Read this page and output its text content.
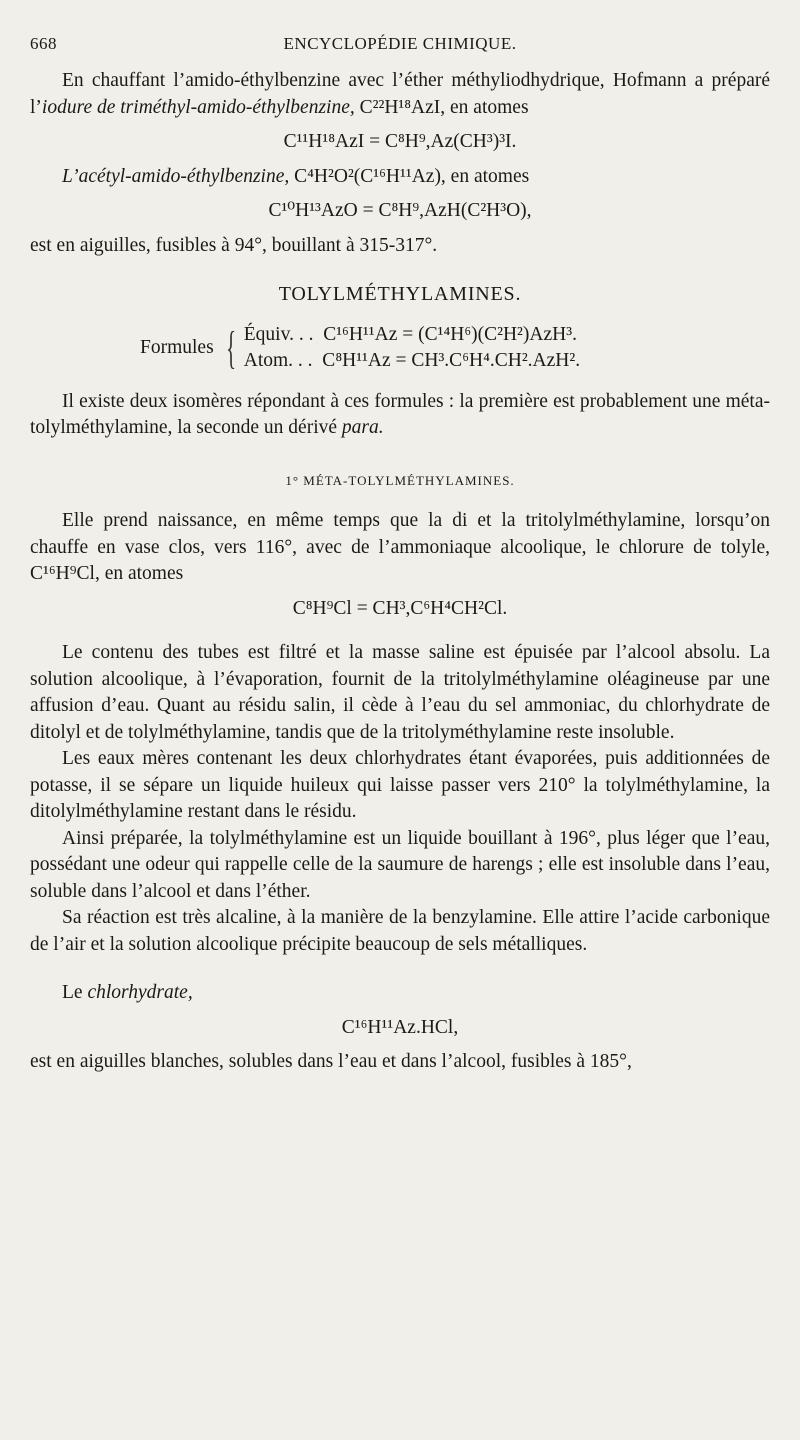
668	ENCYCLOPÉDIE CHIMIQUE.

En chauffant l’amido-éthylbenzine avec l’éther méthyliodhydrique, Hofmann a préparé l’iodure de triméthyl-amido-éthylbenzine, C²²H¹⁸AzI, en atomes

C¹¹H¹⁸AzI = C⁸H⁹,Az(CH³)³I.

L’acétyl-amido-éthylbenzine, C⁴H²O²(C¹⁶H¹¹Az), en atomes

C¹⁰H¹³AzO = C⁸H⁹,AzH(C²H³O),

est en aiguilles, fusibles à 94°, bouillant à 315-317°.

TOLYLMÉTHYLAMINES.
Formules { Équiv. . .  C¹⁶H¹¹Az = (C¹⁴H⁶)(C²H²)AzH³.
Atom. . .  C⁸H¹¹Az = CH³.C⁶H⁴.CH².AzH².

Il existe deux isomères répondant à ces formules : la première est probablement une méta-tolylméthylamine, la seconde un dérivé para.

1° MÉTA-TOLYLMÉTHYLAMINES.

Elle prend naissance, en même temps que la di et la tritolylméthylamine, lorsqu’on chauffe en vase clos, vers 116°, avec de l’ammoniaque alcoolique, le chlorure de tolyle, C¹⁶H⁹Cl, en atomes

C⁸H⁹Cl = CH³,C⁶H⁴CH²Cl.

Le contenu des tubes est filtré et la masse saline est épuisée par l’alcool absolu. La solution alcoolique, à l’évaporation, fournit de la tritolylméthylamine oléagineuse par une affusion d’eau. Quant au résidu salin, il cède à l’eau du sel ammoniac, du chlorhydrate de ditolyl et de tolylméthylamine, tandis que de la tritolyméthylamine reste insoluble.

Les eaux mères contenant les deux chlorhydrates étant évaporées, puis additionnées de potasse, il se sépare un liquide huileux qui laisse passer vers 210° la tolylméthylamine, la ditolylméthylamine restant dans le résidu.

Ainsi préparée, la tolylméthylamine est un liquide bouillant à 196°, plus léger que l’eau, possédant une odeur qui rappelle celle de la saumure de harengs ; elle est insoluble dans l’eau, soluble dans l’alcool et dans l’éther.

Sa réaction est très alcaline, à la manière de la benzylamine. Elle attire l’acide carbonique de l’air et la solution alcoolique précipite beaucoup de sels métalliques.

Le chlorhydrate,

C¹⁶H¹¹Az.HCl,

est en aiguilles blanches, solubles dans l’eau et dans l’alcool, fusibles à 185°,
